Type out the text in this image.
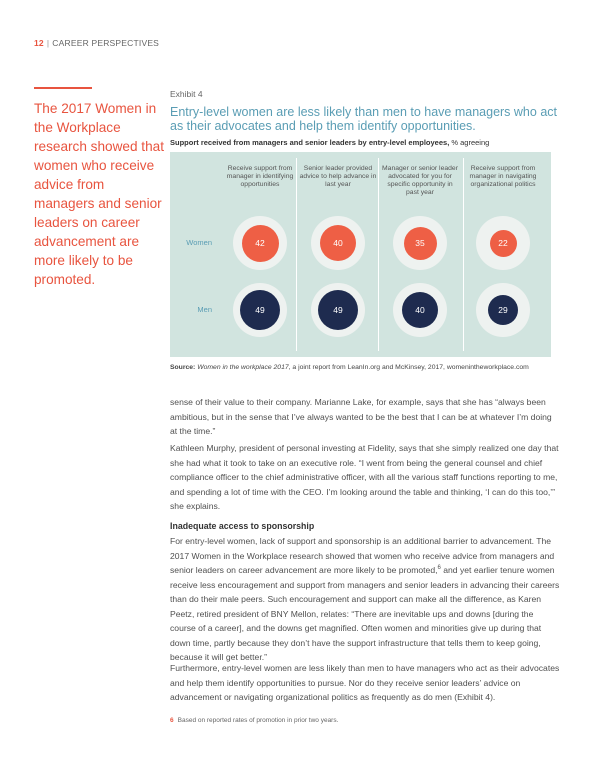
12 | CAREER PERSPECTIVES
The 2017 Women in the Workplace research showed that women who receive advice from managers and senior leaders on career advancement are more likely to be promoted.
Exhibit 4
Entry-level women are less likely than men to have managers who act as their advocates and help them identify opportunities.
Support received from managers and senior leaders by entry-level employees, % agreeing
Receive support from manager in identifying opportunities
Senior leader provided advice to help advance in last year
Manager or senior leader advocated for you for specific opportunity in past year
Receive support from manager in navigating organizational politics
Women	42	40	35	22
Men	49	49	40	29
Source: Women in the workplace 2017, a joint report from LeanIn.org and McKinsey, 2017, womenintheworkplace.com

sense of their value to their company. Marianne Lake, for example, says that she has “always been ambitious, but in the sense that I’ve always wanted to be the best that I can be at whatever I’m doing at the time.”

Kathleen Murphy, president of personal investing at Fidelity, says that she simply realized one day that she had what it took to take on an executive role. “I went from being the general counsel and chief compliance officer to the chief administrative officer, with all the various staff functions reporting to me, and spending a lot of time with the CEO. I’m looking around the table and thinking, ‘I can do this too,’” she explains.

Inadequate access to sponsorship

For entry-level women, lack of support and sponsorship is an additional barrier to advancement. The 2017 Women in the Workplace research showed that women who receive advice from managers and senior leaders on career advancement are more likely to be promoted,$^6$ and yet earlier tenure women receive less encouragement and support from managers and senior leaders in advancing their careers than do their male peers. Such encouragement and support can make all the difference, as Karen Peetz, retired president of BNY Mellon, relates: “There are inevitable ups and downs [during the course of a career], and the downs get magnified. Often women and minorities give up during that down time, partly because they don’t have the support infrastructure that tells them to keep going, because it will get better.”

Furthermore, entry-level women are less likely than men to have managers who act as their advocates and help them identify opportunities to pursue. Nor do they receive senior leaders’ advice on advancement or navigating organizational politics as frequently as do men (Exhibit 4).

6 Based on reported rates of promotion in prior two years.
